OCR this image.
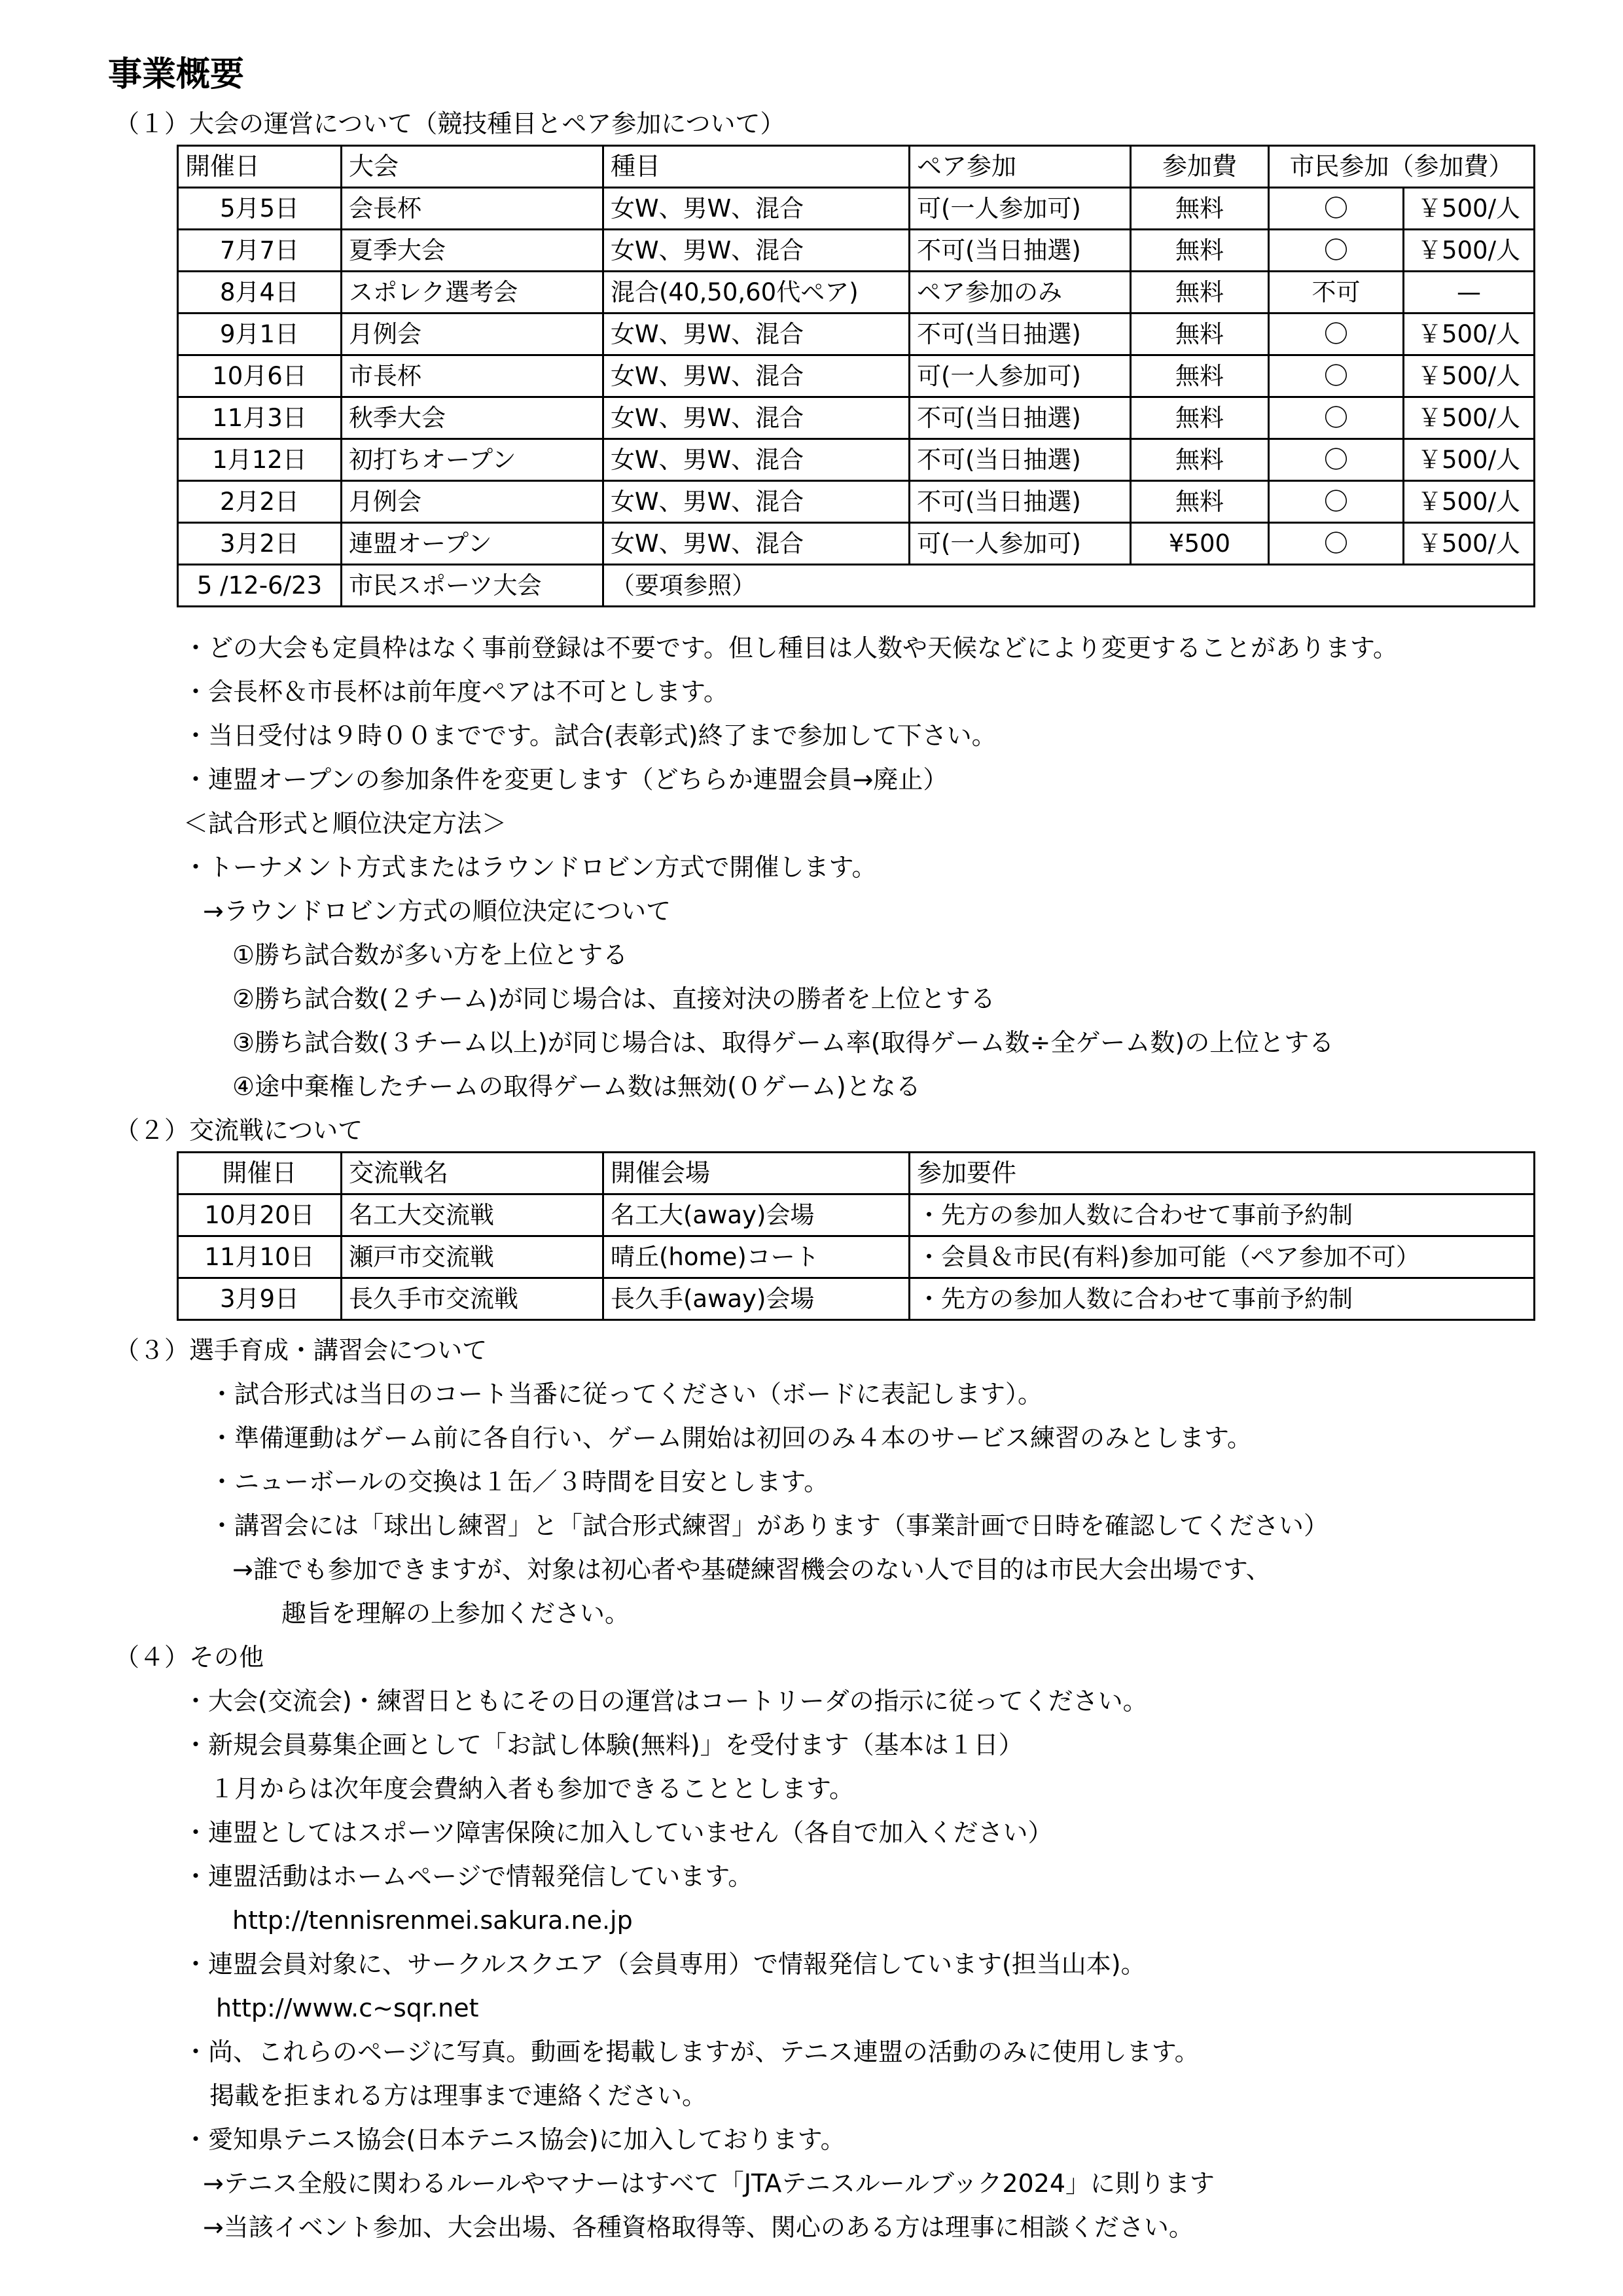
事業概要
（１）大会の運営について（競技種目とペア参加について）
開催日	大会	種目	ペア参加	参加費	市民参加（参加費）	
5月5日	会長杯	女W、男W、混合	可(一人参加可)	無料	〇	￥500/人
7月7日	夏季大会	女W、男W、混合	不可(当日抽選)	無料	〇	￥500/人
8月4日	スポレク選考会	混合(40,50,60代ペア)	ペア参加のみ	無料	不可	—
9月1日	月例会	女W、男W、混合	不可(当日抽選)	無料	〇	￥500/人
10月6日	市長杯	女W、男W、混合	可(一人参加可)	無料	〇	￥500/人
11月3日	秋季大会	女W、男W、混合	不可(当日抽選)	無料	〇	￥500/人
1月12日	初打ちオープン	女W、男W、混合	不可(当日抽選)	無料	〇	￥500/人
2月2日	月例会	女W、男W、混合	不可(当日抽選)	無料	〇	￥500/人
3月2日	連盟オープン	女W、男W、混合	可(一人参加可)	¥500	〇	￥500/人
5 /12-6/23	市民スポーツ大会	（要項参照）				
・どの大会も定員枠はなく事前登録は不要です。但し種目は人数や天候などにより変更することがあります。
・会長杯＆市長杯は前年度ペアは不可とします。
・当日受付は９時００までです。試合(表彰式)終了まで参加して下さい。
・連盟オープンの参加条件を変更します（どちらか連盟会員→廃止）
＜試合形式と順位決定方法＞
・トーナメント方式またはラウンドロビン方式で開催します。
→ラウンドロビン方式の順位決定について
①勝ち試合数が多い方を上位とする
②勝ち試合数(２チーム)が同じ場合は、直接対決の勝者を上位とする
③勝ち試合数(３チーム以上)が同じ場合は、取得ゲーム率(取得ゲーム数÷全ゲーム数)の上位とする
④途中棄権したチームの取得ゲーム数は無効(０ゲーム)となる
（２）交流戦について
開催日	交流戦名	開催会場	参加要件
10月20日	名工大交流戦	名工大(away)会場	・先方の参加人数に合わせて事前予約制
11月10日	瀬戸市交流戦	晴丘(home)コート	・会員＆市民(有料)参加可能（ペア参加不可）
3月9日	長久手市交流戦	長久手(away)会場	・先方の参加人数に合わせて事前予約制
（３）選手育成・講習会について
・試合形式は当日のコート当番に従ってください（ボードに表記します）。
・準備運動はゲーム前に各自行い、ゲーム開始は初回のみ４本のサービス練習のみとします。
・ニューボールの交換は１缶／３時間を目安とします。
・講習会には「球出し練習」と「試合形式練習」があります（事業計画で日時を確認してください）
→誰でも参加できますが、対象は初心者や基礎練習機会のない人で目的は市民大会出場です、
趣旨を理解の上参加ください。
（４）その他
・大会(交流会)・練習日ともにその日の運営はコートリーダの指示に従ってください。
・新規会員募集企画として「お試し体験(無料)」を受付ます（基本は１日）
１月からは次年度会費納入者も参加できることとします。
・連盟としてはスポーツ障害保険に加入していません（各自で加入ください）
・連盟活動はホームページで情報発信しています。
http://tennisrenmei.sakura.ne.jp
・連盟会員対象に、サークルスクエア（会員専用）で情報発信しています(担当山本)。
http://www.c~sqr.net
・尚、これらのページに写真。動画を掲載しますが、テニス連盟の活動のみに使用します。
掲載を拒まれる方は理事まで連絡ください。
・愛知県テニス協会(日本テニス協会)に加入しております。
→テニス全般に関わるルールやマナーはすべて「JTAテニスルールブック2024」に則ります
→当該イベント参加、大会出場、各種資格取得等、関心のある方は理事に相談ください。
